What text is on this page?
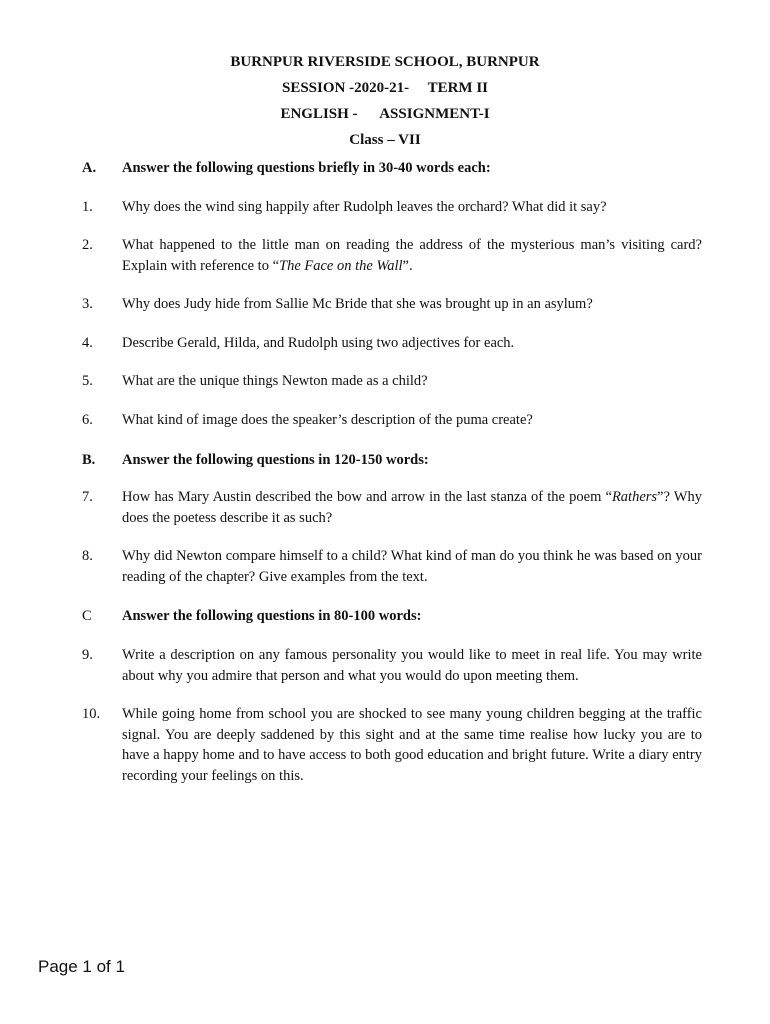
BURNPUR RIVERSIDE SCHOOL, BURNPUR
SESSION -2020-21-     TERM II
ENGLISH -      ASSIGNMENT-I
Class – VII
A.	Answer the following questions briefly in 30-40 words each:
1.	Why does the wind sing happily after Rudolph leaves the orchard? What did it say?
2.	What happened to the little man on reading the address of the mysterious man’s visiting card? Explain with reference to “The Face on the Wall”.
3.	Why does Judy hide from Sallie Mc Bride that she was brought up in an asylum?
4.	Describe Gerald, Hilda, and Rudolph using two adjectives for each.
5.	What are the unique things Newton made as a child?
6.	What kind of image does the speaker’s description of the puma create?
B.	Answer the following questions in 120-150 words:
7.	How has Mary Austin described the bow and arrow in the last stanza of the poem “Rathers”? Why does the poetess describe it as such?
8.	Why did Newton compare himself to a child? What kind of man do you think he was based on your reading of the chapter? Give examples from the text.
C	Answer the following questions in 80-100 words:
9.	Write a description on any famous personality you would like to meet in real life. You may write about why you admire that person and what you would do upon meeting them.
10.	While going home from school you are shocked to see many young children begging at the traffic signal. You are deeply saddened by this sight and at the same time realise how lucky you are to have a happy home and to have access to both good education and bright future. Write a diary entry recording your feelings on this.
Page 1 of 1
